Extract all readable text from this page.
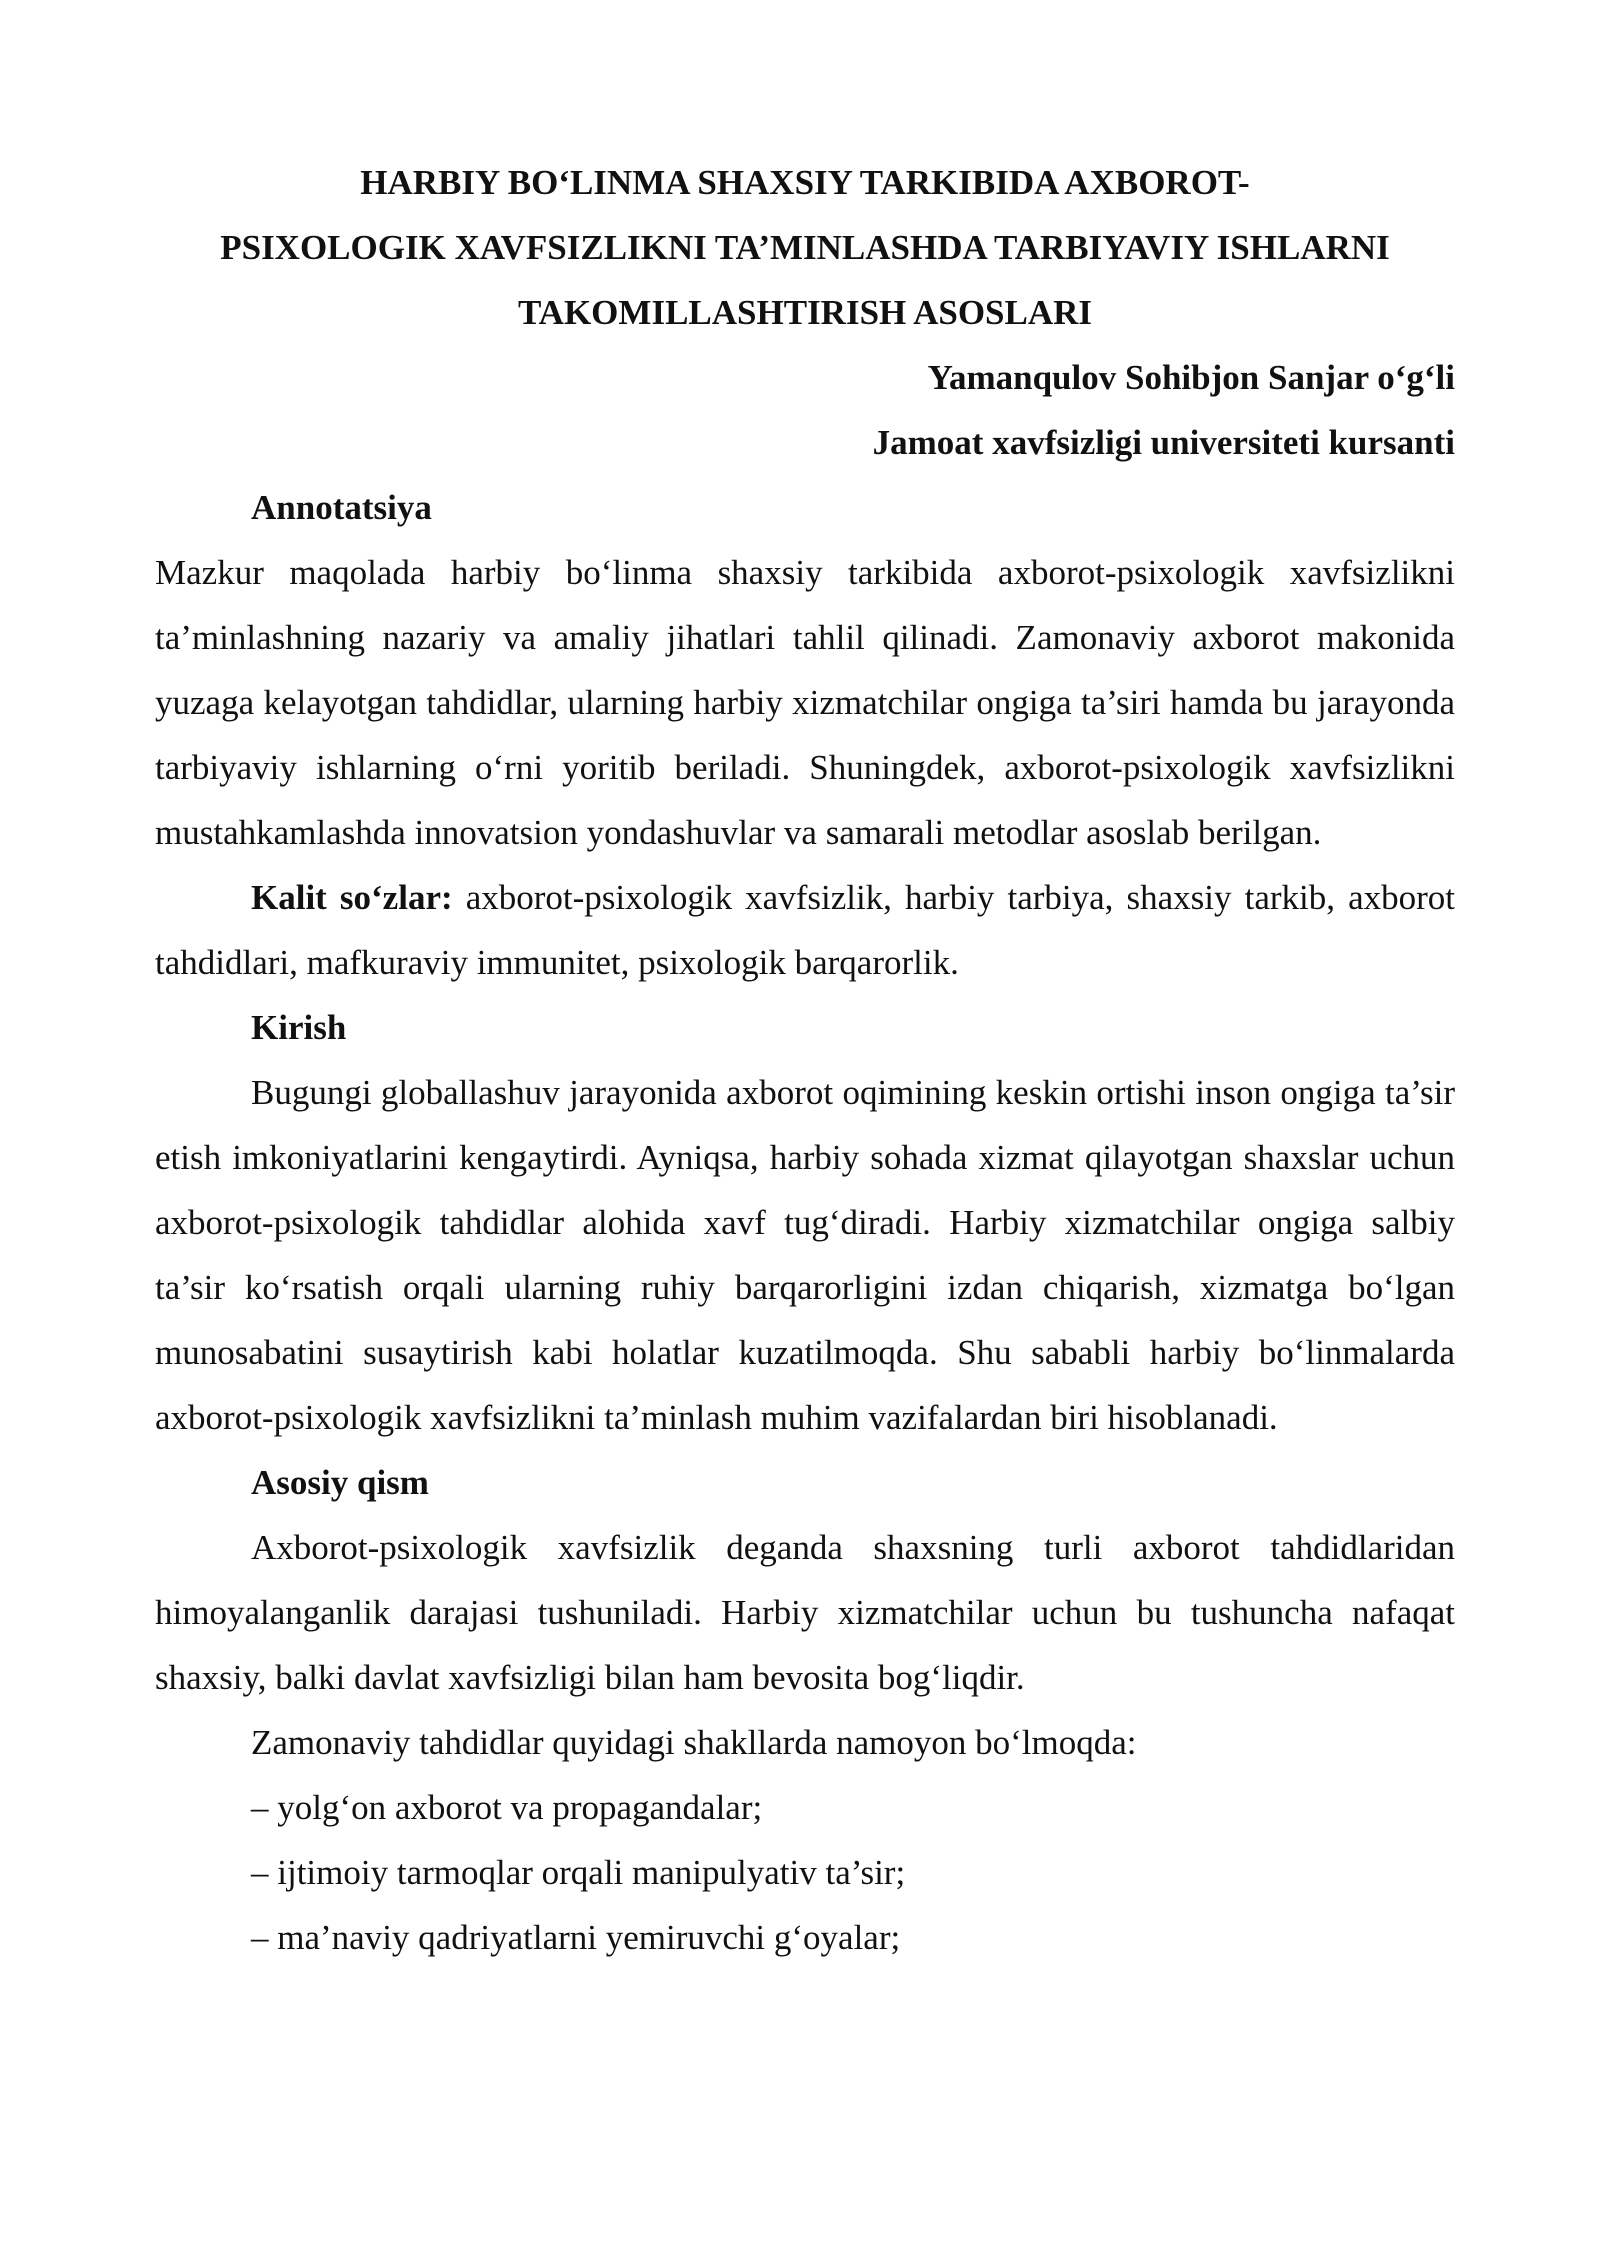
HARBIY BO‘LINMA SHAXSIY TARKIBIDA AXBOROT-
PSIXOLOGIK XAVFSIZLIKNI TA’MINLASHDA TARBIYAVIY ISHLARNI
TAKOMILLASHTIRISH ASOSLARI

Yamanqulov Sohibjon Sanjar o‘g‘li

Jamoat xavfsizligi universiteti kursanti

Annotatsiya

Mazkur maqolada harbiy bo‘linma shaxsiy tarkibida axborot-psixologik xavfsizlikni ta’minlashning nazariy va amaliy jihatlari tahlil qilinadi. Zamonaviy axborot makonida yuzaga kelayotgan tahdidlar, ularning harbiy xizmatchilar ongiga ta’siri hamda bu jarayonda tarbiyaviy ishlarning o‘rni yoritib beriladi. Shuningdek, axborot-psixologik xavfsizlikni mustahkamlashda innovatsion yondashuvlar va samarali metodlar asoslab berilgan.

Kalit so‘zlar: axborot-psixologik xavfsizlik, harbiy tarbiya, shaxsiy tarkib, axborot tahdidlari, mafkuraviy immunitet, psixologik barqarorlik.

Kirish

Bugungi globallashuv jarayonida axborot oqimining keskin ortishi inson ongiga ta’sir etish imkoniyatlarini kengaytirdi. Ayniqsa, harbiy sohada xizmat qilayotgan shaxslar uchun axborot-psixologik tahdidlar alohida xavf tug‘diradi. Harbiy xizmatchilar ongiga salbiy ta’sir ko‘rsatish orqali ularning ruhiy barqarorligini izdan chiqarish, xizmatga bo‘lgan munosabatini susaytirish kabi holatlar kuzatilmoqda. Shu sababli harbiy bo‘linmalarda axborot-psixologik xavfsizlikni ta’minlash muhim vazifalardan biri hisoblanadi.

Asosiy qism

Axborot-psixologik xavfsizlik deganda shaxsning turli axborot tahdidlaridan himoyalanganlik darajasi tushuniladi. Harbiy xizmatchilar uchun bu tushuncha nafaqat shaxsiy, balki davlat xavfsizligi bilan ham bevosita bog‘liqdir.

Zamonaviy tahdidlar quyidagi shakllarda namoyon bo‘lmoqda:

– yolg‘on axborot va propagandalar;

– ijtimoiy tarmoqlar orqali manipulyativ ta’sir;

– ma’naviy qadriyatlarni yemiruvchi g‘oyalar;
